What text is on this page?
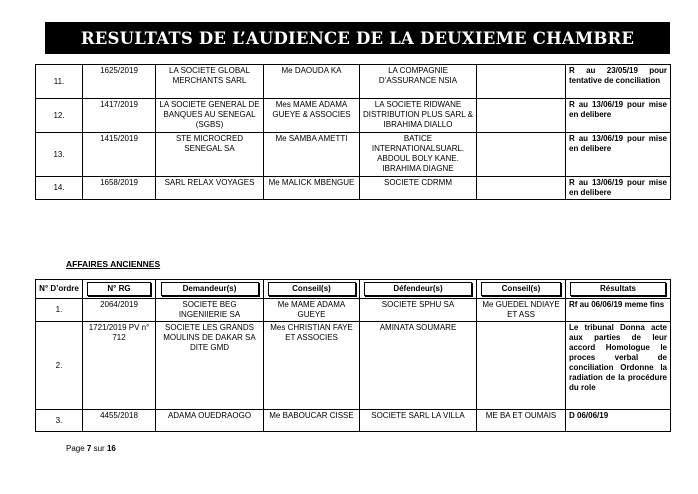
RESULTATS DE L’AUDIENCE DE LA DEUXIEME CHAMBRE
11.	1625/2019	LA SOCIETE GLOBAL MERCHANTS SARL	Me DAOUDA KA	LA COMPAGNIE D’ASSURANCE NSIA		R au 23/05/19 pour tentative de conciliation
12.	1417/2019	LA SOCIETE GENERAL DE BANQUES AU SENEGAL (SGBS)	Mes MAME ADAMA GUEYE & ASSOCIES	LA SOCIETE RIDWANE DISTRIBUTION PLUS SARL & IBRAHIMA DIALLO		R au 13/06/19 pour mise en delibere
13.	1415/2019	STE MICROCRED SENEGAL SA	Me SAMBA AMETTI	BATICE INTERNATIONALSUARL. ABDOUL BOLY KANE. IBRAHIMA DIAGNE		R au 13/06/19 pour mise en delibere
14.	1658/2019	SARL RELAX VOYAGES	Me MALICK MBENGUE	SOCIETE CDRMM		R au 13/06/19 pour mise en delibere
AFFAIRES ANCIENNES
N° D’ordre	N° RG	Demandeur(s)	Conseil(s)	Défendeur(s)	Conseil(s)	Résultats

1.	2064/2019	SOCIETE BEG INGENIIERIE SA	Me MAME ADAMA GUEYE	SOCIETE SPHU SA	Me GUEDEL NDIAYE ET ASS	Rf au 06/06/19 meme fins
2.	1721/2019 PV n° 712	SOCIETE LES GRANDS MOULINS DE DAKAR SA DITE GMD	Mes CHRISTIAN FAYE ET ASSOCIES	AMINATA SOUMARE		Le tribunal Donna acte aux parties de leur accord Homologue le proces verbal de conciliation Ordonne la radiation de la procédure du role
3.	4455/2018	ADAMA OUEDRAOGO	Me BABOUCAR CISSE	SOCIETE SARL LA VILLA	ME BA ET OUMAIS	D 06/06/19
Page 7 sur 16
